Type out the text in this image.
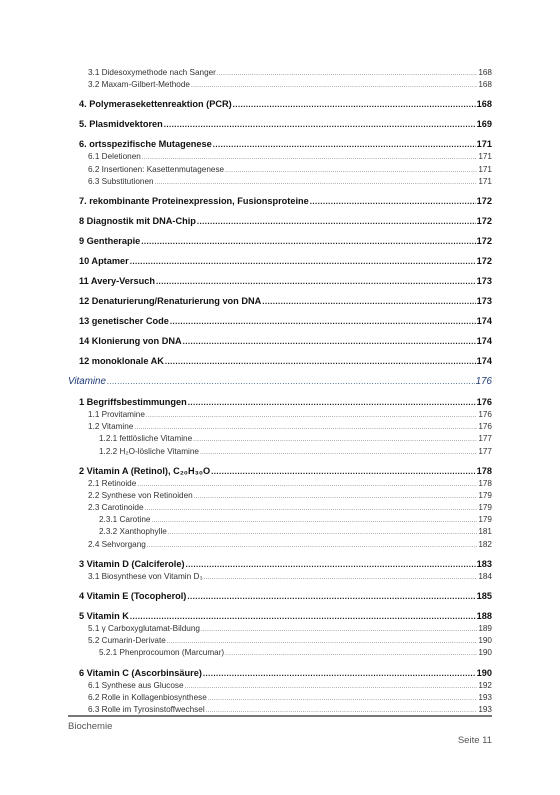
3.1 Didesoxymethode nach Sanger .....	168
3.2 Maxam-Gilbert-Methode .....	168
4. Polymerasekettenreaktion (PCR) .....	168
5. Plasmidvektoren .....	169
6. ortsspezifische Mutagenese .....	171
6.1 Deletionen .....	171
6.2 Insertionen: Kasettenmutagenese .....	171
6.3 Substitutionen .....	171
7. rekombinante Proteinexpression, Fusionsproteine .....	172
8 Diagnostik mit DNA-Chip .....	172
9 Gentherapie .....	172
10 Aptamer .....	172
11 Avery-Versuch .....	173
12 Denaturierung/Renaturierung von DNA .....	173
13 genetischer Code .....	174
14 Klonierung von DNA .....	174
12 monoklonale AK .....	174
Vitamine .....	176
1 Begriffsbestimmungen .....	176
1.1 Provitamine .....	176
1.2 Vitamine .....	176
1.2.1 fettlösliche Vitamine .....	177
1.2.2 H₂O-lösliche Vitamine .....	177
2 Vitamin A (Retinol), C₂₀H₃₀O .....	178
2.1 Retinoide .....	178
2.2 Synthese von Retinoiden .....	179
2.3 Carotinoide .....	179
2.3.1 Carotine .....	179
2.3.2 Xanthophylle .....	181
2.4 Sehvorgang .....	182
3 Vitamin D (Calciferole) .....	183
3.1 Biosynthese von Vitamin D₃ .....	184
4 Vitamin E (Tocopherol) .....	185
5 Vitamin K .....	188
5.1 γ Carboxyglutamat-Bildung .....	189
5.2 Cumarin-Derivate .....	190
5.2.1 Phenprocoumon (Marcumar) .....	190
6 Vitamin C (Ascorbinsäure) .....	190
6.1 Synthese aus Glucose .....	192
6.2 Rolle in Kollagenbiosynthese .....	193
6.3 Rolle im Tyrosinstoffwechsel .....	193
Biochemie
Seite 11
